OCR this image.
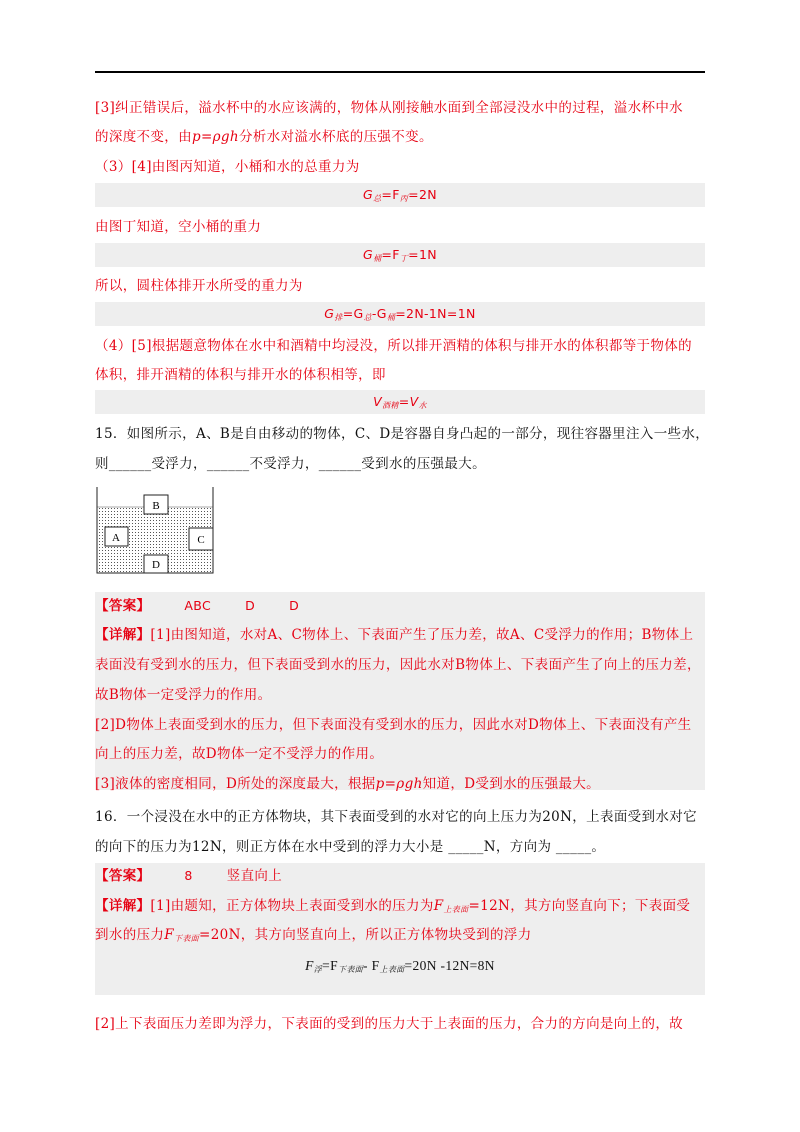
[3]纠正错误后，溢水杯中的水应该满的，物体从刚接触水面到全部浸没水中的过程，溢水杯中水
的深度不变，由p=ρgh分析水对溢水杯底的压强不变。
（3）[4]由图丙知道，小桶和水的总重力为
$G_总=F_丙=2N$
由图丁知道，空小桶的重力
$G_桶=F_丁=1N$
所以，圆柱体排开水所受的重力为
$G_排=G_总-G_桶=2N-1N=1N$
（4）[5]根据题意物体在水中和酒精中均浸没，所以排开酒精的体积与排开水的体积都等于物体的
体积，排开酒精的体积与排开水的体积相等，即
$V_{酒精}=V_水$
15．如图所示，A、B是自由移动的物体，C、D是容器自身凸起的一部分，现往容器里注入一些水，
则______受浮力，______不受浮力，______受到水的压强最大。
B
A	C
D
【答案】	ABC	D	D
【详解】[1]由图知道，水对A、C物体上、下表面产生了压力差，故A、C受浮力的作用；B物体上
表面没有受到水的压力，但下表面受到水的压力，因此水对B物体上、下表面产生了向上的压力差，
故B物体一定受浮力的作用。
[2]D物体上表面受到水的压力，但下表面没有受到水的压力，因此水对D物体上、下表面没有产生
向上的压力差，故D物体一定不受浮力的作用。
[3]液体的密度相同，D所处的深度最大，根据p=ρgh知道，D受到水的压强最大。
16．一个浸没在水中的正方体物块，其下表面受到的水对它的向上压力为20N，上表面受到水对它
的向下的压力为12N，则正方体在水中受到的浮力大小是 _____N，方向为 _____。
【答案】	8	竖直向上
【详解】[1]由题知，正方体物块上表面受到水的压力为$F_{上表面}=12N$，其方向竖直向下；下表面受
到水的压力$F_{下表面}=20N$，其方向竖直向上，所以正方体物块受到的浮力
$F_浮=F_{下表面}-$ $F_{上表面}=20N$ -12N=8N
[2]上下表面压力差即为浮力，下表面的受到的压力大于上表面的压力，合力的方向是向上的，故
